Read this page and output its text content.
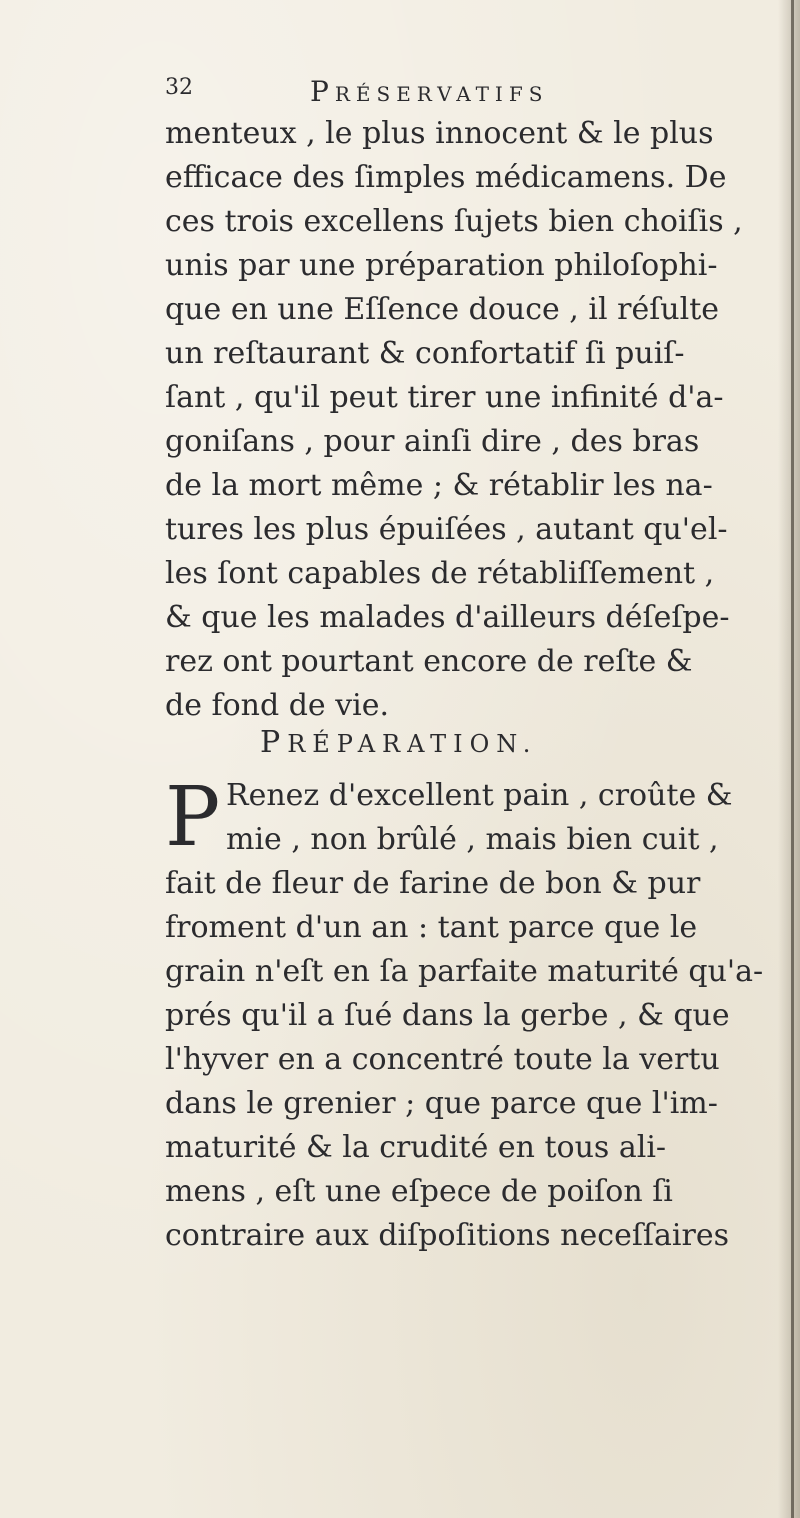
32	Préservatifs
menteux , le plus innocent & le plus
efficace des ſimples médicamens. De
ces trois excellens ſujets bien choiſis ,
unis par une préparation philoſophi-
que en une Eſſence douce , il réſulte
un reſtaurant & confortatif ſi puiſ-
ſant , qu'il peut tirer une infinité d'a-
goniſans , pour ainſi dire , des bras
de la mort même ; & rétablir les na-
tures les plus épuiſées , autant qu'el-
les ſont capables de rétabliſſement ,
& que les malades d'ailleurs déſeſpe-
rez ont pourtant encore de reſte &
de fond de vie.
PRÉPARATION.
P Renez d'excellent pain , croûte &
mie , non brûlé , mais bien cuit ,
fait de fleur de farine de bon & pur
froment d'un an : tant parce que le
grain n'eſt en ſa parfaite maturité qu'a-
prés qu'il a ſué dans la gerbe , & que
l'hyver en a concentré toute la vertu
dans le grenier ; que parce que l'im-
maturité & la crudité en tous ali-
mens , eſt une eſpece de poiſon ſi
contraire aux diſpoſitions neceſſaires
